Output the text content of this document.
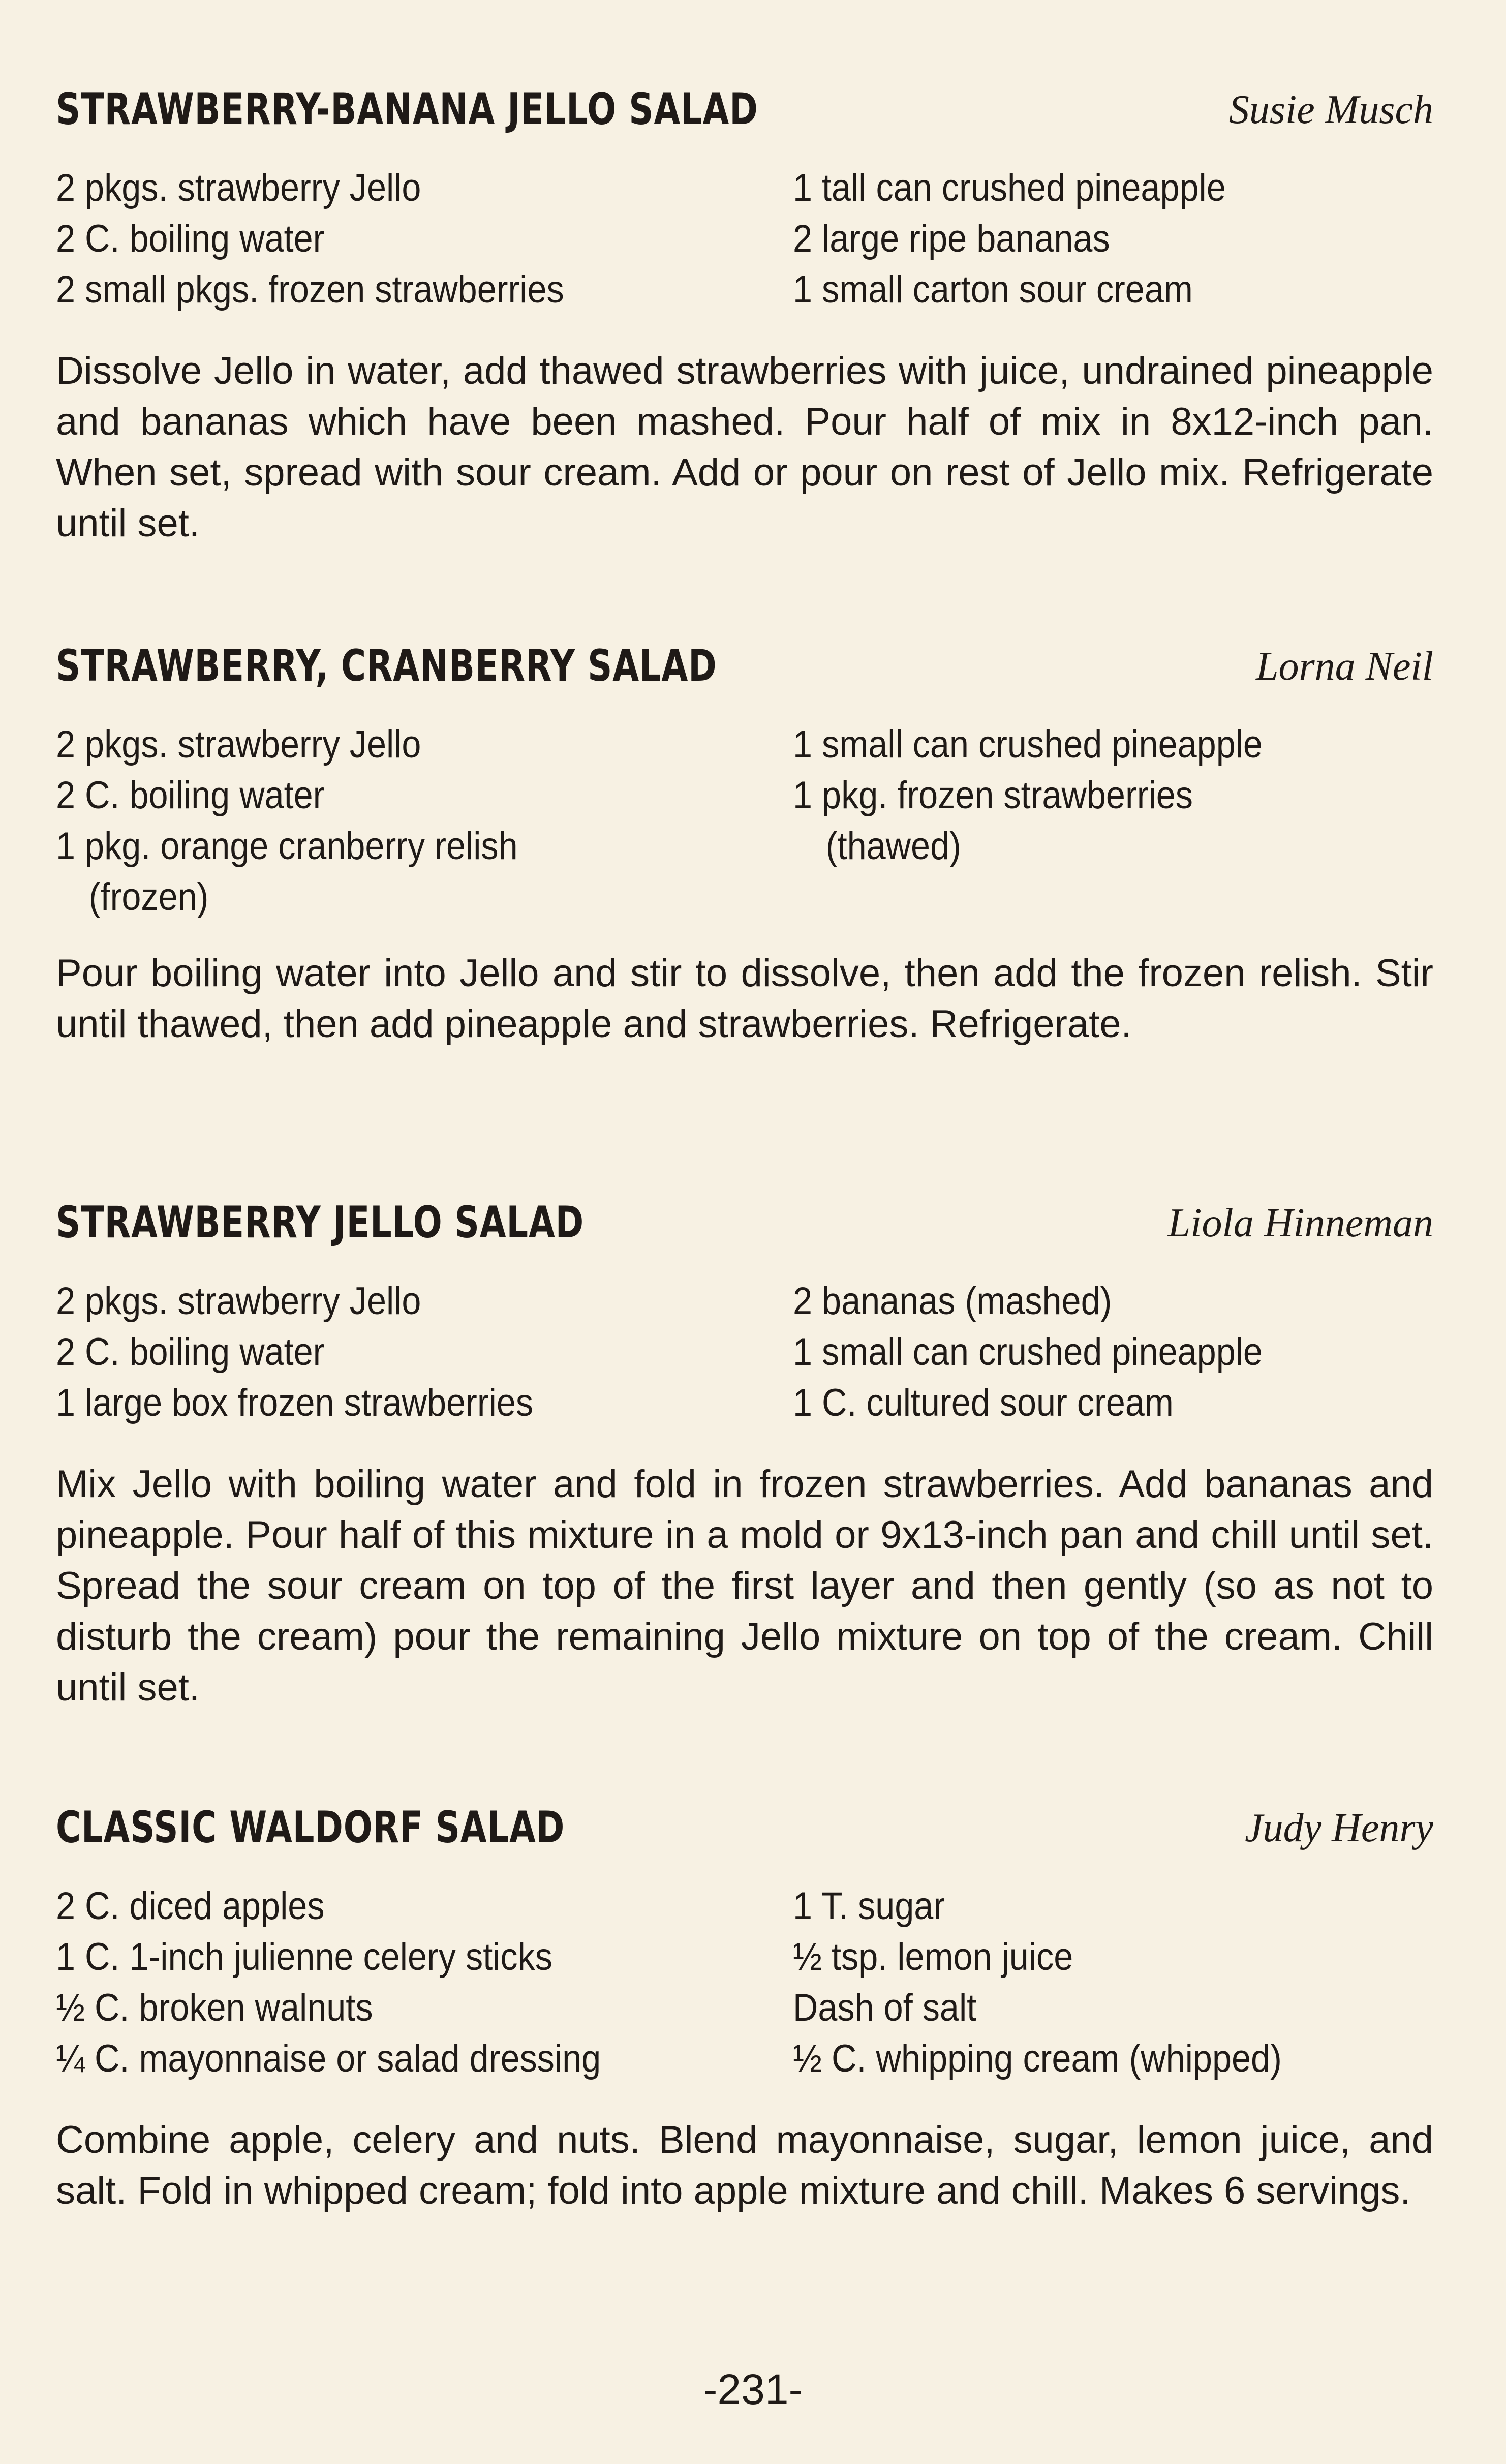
STRAWBERRY-BANANA JELLO SALAD	Susie Musch
2 pkgs. strawberry Jello
2 C. boiling water
2 small pkgs. frozen strawberries
1 tall can crushed pineapple
2 large ripe bananas
1 small carton sour cream

Dissolve Jello in water, add thawed strawberries with juice, undrained pineapple and bananas which have been mashed. Pour half of mix in 8x12-inch pan. When set, spread with sour cream. Add or pour on rest of Jello mix. Refrigerate until set.

STRAWBERRY, CRANBERRY SALAD	Lorna Neil
2 pkgs. strawberry Jello
2 C. boiling water
1 pkg. orange cranberry relish
(frozen)
1 small can crushed pineapple
1 pkg. frozen strawberries
(thawed)

Pour boiling water into Jello and stir to dissolve, then add the frozen relish. Stir until thawed, then add pineapple and strawberries. Refrigerate.

STRAWBERRY JELLO SALAD	Liola Hinneman
2 pkgs. strawberry Jello
2 C. boiling water
1 large box frozen strawberries
2 bananas (mashed)
1 small can crushed pineapple
1 C. cultured sour cream

Mix Jello with boiling water and fold in frozen strawberries. Add bananas and pineapple. Pour half of this mixture in a mold or 9x13-inch pan and chill until set. Spread the sour cream on top of the first layer and then gently (so as not to disturb the cream) pour the remaining Jello mixture on top of the cream. Chill until set.

CLASSIC WALDORF SALAD	Judy Henry
2 C. diced apples
1 C. 1-inch julienne celery sticks
½ C. broken walnuts
¼ C. mayonnaise or salad dressing
1 T. sugar
½ tsp. lemon juice
Dash of salt
½ C. whipping cream (whipped)

Combine apple, celery and nuts. Blend mayonnaise, sugar, lemon juice, and salt. Fold in whipped cream; fold into apple mixture and chill. Makes 6 servings.

-231-
